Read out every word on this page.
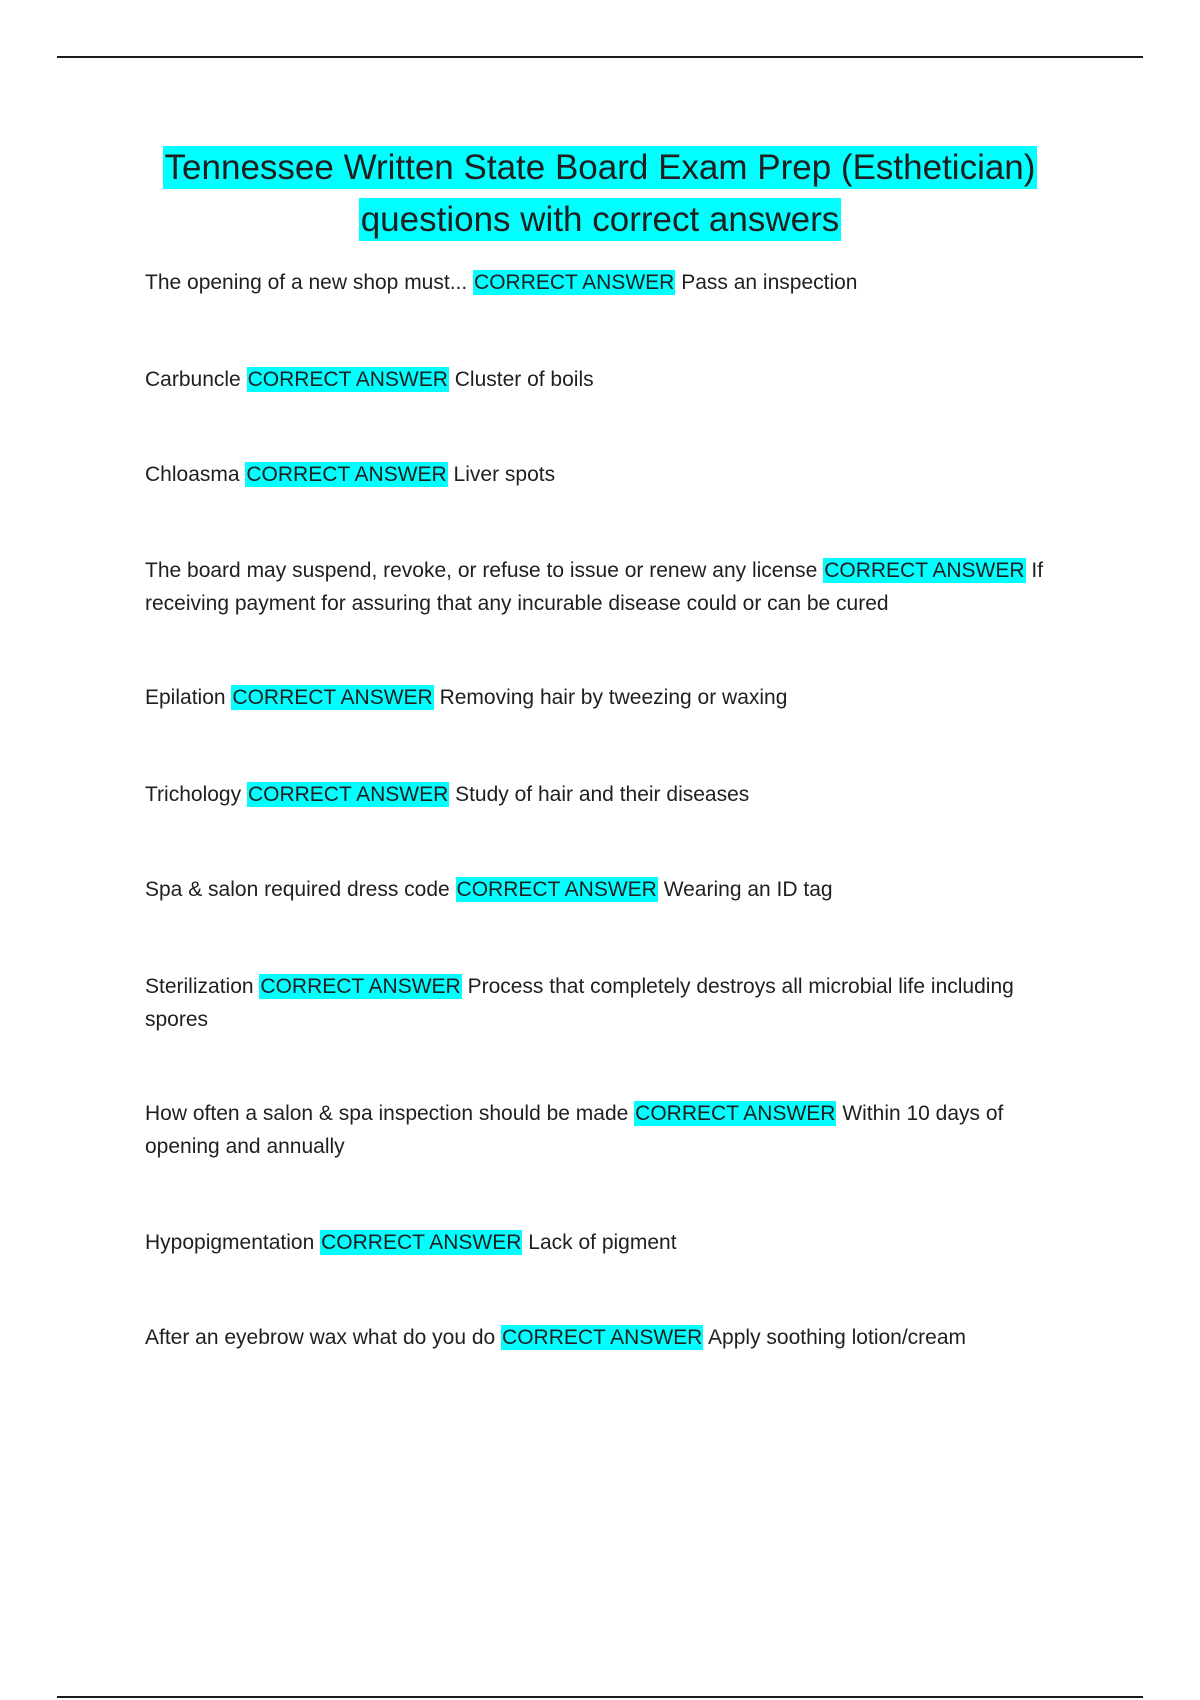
Tennessee Written State Board Exam Prep (Esthetician) questions with correct answers

The opening of a new shop must... CORRECT ANSWER Pass an inspection

Carbuncle CORRECT ANSWER Cluster of boils

Chloasma CORRECT ANSWER Liver spots

The board may suspend, revoke, or refuse to issue or renew any license CORRECT ANSWER If receiving payment for assuring that any incurable disease could or can be cured

Epilation CORRECT ANSWER Removing hair by tweezing or waxing

Trichology CORRECT ANSWER Study of hair and their diseases

Spa & salon required dress code CORRECT ANSWER Wearing an ID tag

Sterilization CORRECT ANSWER Process that completely destroys all microbial life including spores

How often a salon & spa inspection should be made CORRECT ANSWER Within 10 days of opening and annually

Hypopigmentation CORRECT ANSWER Lack of pigment

After an eyebrow wax what do you do CORRECT ANSWER Apply soothing lotion/cream
